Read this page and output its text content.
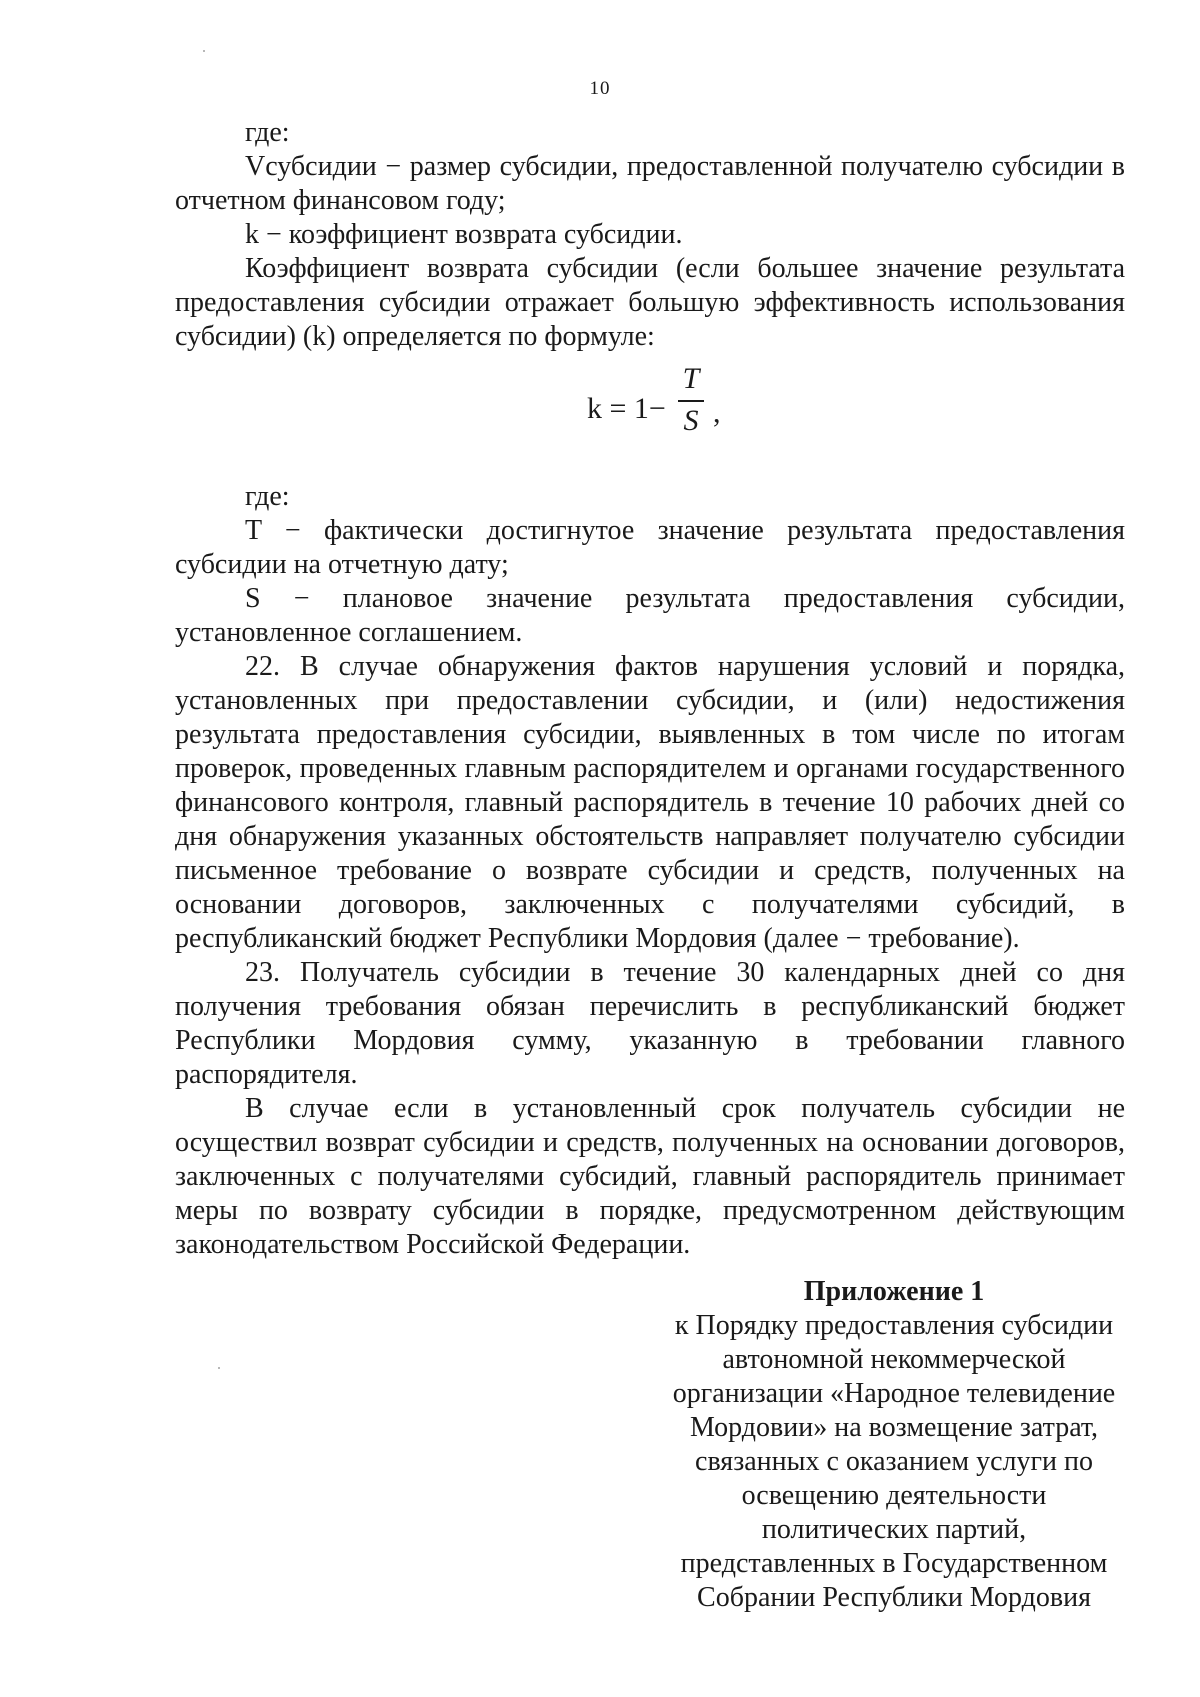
10

где:

Vсубсидии − размер субсидии, предоставленной получателю субсидии в отчетном финансовом году;

k − коэффициент возврата субсидии.

Коэффициент возврата субсидии (если большее значение результата предоставления субсидии отражает большую эффективность использования субсидии) (k) определяется по формуле:

k = 1−
T
S ,

где:

T − фактически достигнутое значение результата предоставления субсидии на отчетную дату;

S − плановое значение результата предоставления субсидии, установленное соглашением.

22. В случае обнаружения фактов нарушения условий и порядка, установленных при предоставлении субсидии, и (или) недостижения результата предоставления субсидии, выявленных в том числе по итогам проверок, проведенных главным распорядителем и органами государственного финансового контроля, главный распорядитель в течение 10 рабочих дней со дня обнаружения указанных обстоятельств направляет получателю субсидии письменное требование о возврате субсидии и средств, полученных на основании договоров, заключенных с получателями субсидий, в республиканский бюджет Республики Мордовия (далее − требование).

23. Получатель субсидии в течение 30 календарных дней со дня получения требования обязан перечислить в республиканский бюджет Республики Мордовия сумму, указанную в требовании главного распорядителя.

В случае если в установленный срок получатель субсидии не осуществил возврат субсидии и средств, полученных на основании договоров, заключенных с получателями субсидий, главный распорядитель принимает меры по возврату субсидии в порядке, предусмотренном действующим законодательством Российской Федерации.

Приложение 1
к Порядку предоставления субсидии
автономной некоммерческой
организации «Народное телевидение
Мордовии» на возмещение затрат,
связанных с оказанием услуги по
освещению деятельности
политических партий,
представленных в Государственном
Собрании Республики Мордовия
